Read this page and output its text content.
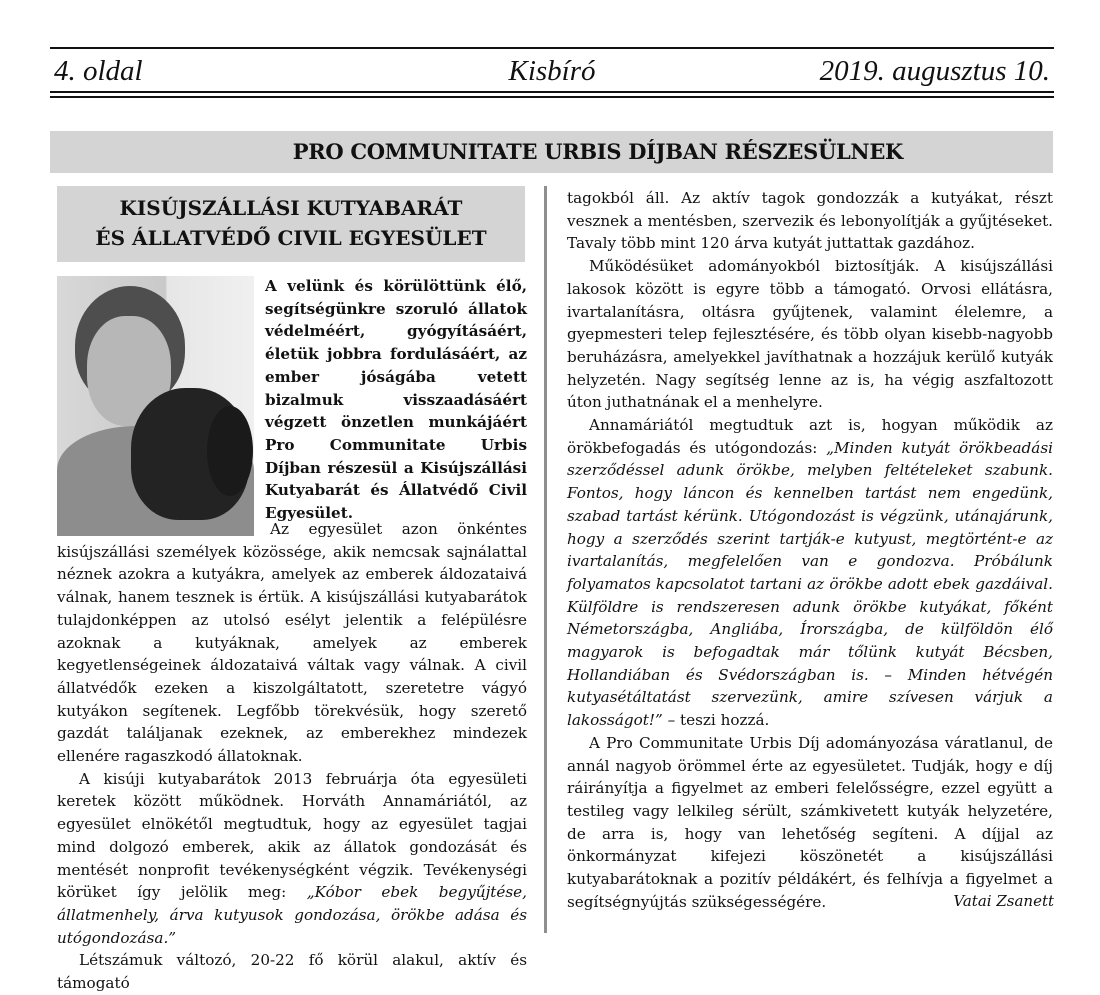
4. oldal	Kisbíró	2019. augusztus 10.
PRO COMMUNITATE URBIS DÍJBAN RÉSZESÜLNEK
KISÚJSZÁLLÁSI KUTYABARÁT
ÉS ÁLLATVÉDŐ CIVIL EGYESÜLET

A velünk és körülöttünk élő, segítségünkre szoruló állatok védelméért, gyógyításáért, életük jobbra fordulásáért, az ember jóságába vetett bizalmuk visszaadásáért végzett önzetlen munkájáért Pro Communitate Urbis Díjban részesül a Kisújszállási Kutyabarát és Állatvédő Civil Egyesület.

Az egyesület azon önkéntes kisújszállási személyek közössége, akik nemcsak sajnálattal néznek azokra a kutyákra, amelyek az emberek áldozataivá válnak, hanem tesznek is értük. A kisújszállási kutyabarátok tulajdonképpen az utolsó esélyt jelentik a felépülésre azoknak a kutyáknak, amelyek az emberek kegyetlenségeinek áldozataivá váltak vagy válnak. A civil állatvédők ezeken a kiszolgáltatott, szeretetre vágyó kutyákon segítenek. Legfőbb törekvésük, hogy szerető gazdát találjanak ezeknek, az emberekhez mindezek ellenére ragaszkodó állatoknak.

A kisúji kutyabarátok 2013 februárja óta egyesületi keretek között működnek. Horváth Annamáriától, az egyesület elnökétől megtudtuk, hogy az egyesület tagjai mind dolgozó emberek, akik az állatok gondozását és mentését nonprofit tevékenységként végzik. Tevékenységi körüket így jelölik meg: „Kóbor ebek begyűjtése, állatmenhely, árva kutyusok gondozása, örökbe adása és utógondozása.”

Létszámuk változó, 20-22 fő körül alakul, aktív és támogató

tagokból áll. Az aktív tagok gondozzák a kutyákat, részt vesznek a mentésben, szervezik és lebonyolítják a gyűjtéseket. Tavaly több mint 120 árva kutyát juttattak gazdához.

Működésüket adományokból biztosítják. A kisújszállási lakosok között is egyre több a támogató. Orvosi ellátásra, ivartalanításra, oltásra gyűjtenek, valamint élelemre, a gyepmesteri telep fejlesztésére, és több olyan kisebb-nagyobb beruházásra, amelyekkel javíthatnak a hozzájuk kerülő kutyák helyzetén. Nagy segítség lenne az is, ha végig aszfaltozott úton juthatnának el a menhelyre.

Annamáriától megtudtuk azt is, hogyan működik az örökbefogadás és utógondozás: „Minden kutyát örökbeadási szerződéssel adunk örökbe, melyben feltételeket szabunk. Fontos, hogy láncon és kennelben tartást nem engedünk, szabad tartást kérünk. Utógondozást is végzünk, utánajárunk, hogy a szerződés szerint tartják-e kutyust, megtörtént-e az ivartalanítás, megfelelően van e gondozva. Próbálunk folyamatos kapcsolatot tartani az örökbe adott ebek gazdáival. Külföldre is rendszeresen adunk örökbe kutyákat, főként Németországba, Angliába, Írországba, de külföldön élő magyarok is befogadtak már tőlünk kutyát Bécsben, Hollandiában és Svédországban is. – Minden hétvégén kutyasétáltatást szervezünk, amire szívesen várjuk a lakosságot!” – teszi hozzá.

A Pro Communitate Urbis Díj adományozása váratlanul, de annál nagyob örömmel érte az egyesületet. Tudják, hogy e díj ráirányítja a figyelmet az emberi felelősségre, ezzel együtt a testileg vagy lelkileg sérült, számkivetett kutyák helyzetére, de arra is, hogy van lehetőség segíteni. A díjjal az önkormányzat kifejezi köszönetét a kisújszállási kutyabarátoknak a pozitív példákért, és felhívja a figyelmet a segítségnyújtás szükségességére.	Vatai Zsanett
